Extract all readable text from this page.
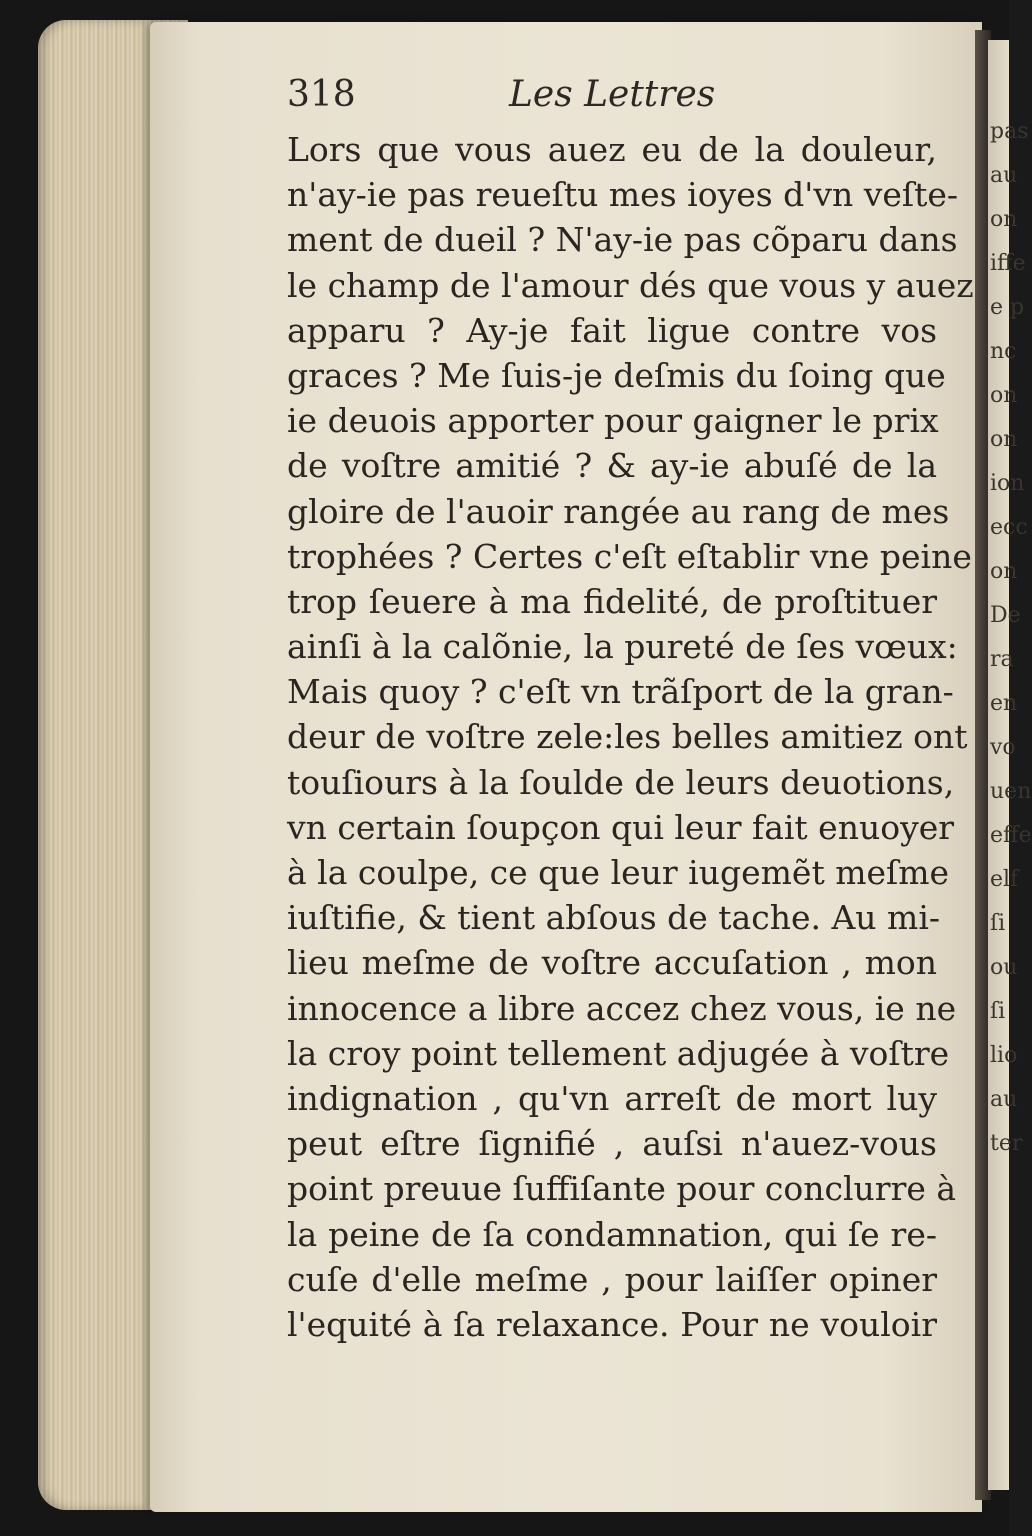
pas
au
on
iffe
e p
nc
on
on
ion
ecc
on
De
ra
en
vo
uen
effe
elf
ſi
ou
ſi
lio
au
ter
318	Les Lettres
Lors que vous auez eu de la douleur,
n'ay-ie pas reueſtu mes ioyes d'vn veſte-
ment de dueil ? N'ay-ie pas cõparu dans
le champ de l'amour dés que vous y auez
apparu ? Ay-je fait ligue contre vos
graces ? Me ſuis-je deſmis du ſoing que
ie deuois apporter pour gaigner le prix
de voſtre amitié ? & ay-ie abuſé de la
gloire de l'auoir rangée au rang de mes
trophées ? Certes c'eſt eſtablir vne peine
trop ſeuere à ma fidelité, de proſtituer
ainſi à la calõnie, la pureté de ſes vœux:
Mais quoy ? c'eſt vn trãſport de la gran-
deur de voſtre zele:les belles amitiez ont
touſiours à la ſoulde de leurs deuotions,
vn certain ſoupçon qui leur fait enuoyer
à la coulpe, ce que leur iugemẽt meſme
iuſtifie, & tient abſous de tache. Au mi-
lieu meſme de voſtre accuſation , mon
innocence a libre accez chez vous, ie ne
la croy point tellement adjugée à voſtre
indignation , qu'vn arreſt de mort luy
peut eſtre ſignifié , auſsi n'auez-vous
point preuue ſuffiſante pour conclurre à
la peine de ſa condamnation, qui ſe re-
cuſe d'elle meſme , pour laiſſer opiner
l'equité à ſa relaxance. Pour ne vouloir
